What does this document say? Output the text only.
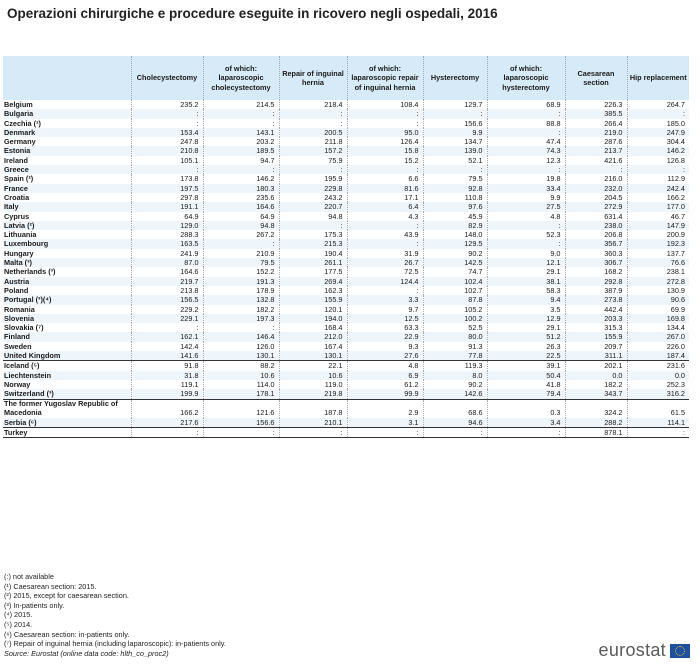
Operazioni chirurgiche e procedure eseguite in ricovero negli ospedali, 2016
	Cholecystectomy	of which: laparoscopic cholecystectomy	Repair of inguinal hernia	of which: laparoscopic repair of inguinal hernia	Hysterectomy	of which: laparoscopic hysterectomy	Caesarean section	Hip replacement
Belgium	235.2	214.5	218.4	108.4	129.7	68.9	226.3	264.7
Bulgaria	:	:	:	:	:	:	385.5	:
Czechia (¹)	:	:	:	:	156.6	88.8	266.4	185.0
Denmark	153.4	143.1	200.5	95.0	9.9	:	219.0	247.9
Germany	247.8	203.2	211.8	126.4	134.7	47.4	287.6	304.4
Estonia	210.8	189.5	157.2	15.8	139.0	74.3	213.7	146.2
Ireland	105.1	94.7	75.9	15.2	52.1	12.3	421.6	126.8
Greece	:	:	:	:	:	:	:	:
Spain (²)	173.8	146.2	195.9	6.6	79.5	19.8	216.0	112.9
France	197.5	180.3	229.8	81.6	92.8	33.4	232.0	242.4
Croatia	297.8	235.6	243.2	17.1	110.8	9.9	204.5	166.2
Italy	191.1	164.6	220.7	6.4	97.6	27.5	272.9	177.0
Cyprus	64.9	64.9	94.8	4.3	45.9	4.8	631.4	46.7
Latvia (²)	129.0	94.8	:	:	82.9	:	238.0	147.9
Lithuania	288.3	267.2	175.3	43.9	148.0	52.3	206.8	200.9
Luxembourg	163.5	:	215.3	:	129.5	:	356.7	192.3
Hungary	241.9	210.9	190.4	31.9	90.2	9.0	360.3	137.7
Malta (³)	87.0	79.5	261.1	26.7	142.5	12.1	306.7	76.6
Netherlands (³)	164.6	152.2	177.5	72.5	74.7	29.1	168.2	238.1
Austria	219.7	191.3	269.4	124.4	102.4	38.1	292.8	272.8
Poland	213.8	178.9	162.3	:	102.7	58.3	387.9	130.9
Portugal (³)(⁴)	156.5	132.8	155.9	3.3	87.8	9.4	273.8	90.6
Romania	229.2	182.2	120.1	9.7	105.2	3.5	442.4	69.9
Slovenia	229.1	197.3	194.0	12.5	100.2	12.9	203.3	169.8
Slovakia (⁷)	:	:	168.4	63.3	52.5	29.1	315.3	134.4
Finland	162.1	146.4	212.0	22.9	80.0	51.2	155.9	267.0
Sweden	142.4	126.0	167.4	9.3	91.3	26.3	209.7	226.0
United Kingdom	141.6	130.1	130.1	27.6	77.8	22.5	311.1	187.4
Iceland (⁵)	91.8	88.2	22.1	4.8	119.3	39.1	202.1	231.6
Liechtenstein	31.8	10.6	10.6	6.9	8.0	50.4	0.0	0.0
Norway	119.1	114.0	119.0	61.2	90.2	41.8	182.2	252.3
Switzerland (³)	199.9	178.1	219.8	99.9	142.6	79.4	343.7	316.2
The former Yugoslav Republic of Macedonia	166.2	121.6	187.8	2.9	68.6	0.3	324.2	61.5
Serbia (⁶)	217.6	156.6	210.1	3.1	94.6	3.4	288.2	114.1
Turkey	:	:	:	:	:	:	878.1	:
(:) not available
(¹) Caesarean section: 2015.
(²) 2015, except for caesarean section.
(³) In-patients only.
(⁴) 2015.
(⁵) 2014.
(⁶) Caesarean section: in-patients only.
(⁷) Repair of inguinal hernia (including laparoscopic): in-patients only.
Source: Eurostat (online data code: hlth_co_proc2)	eurostat
